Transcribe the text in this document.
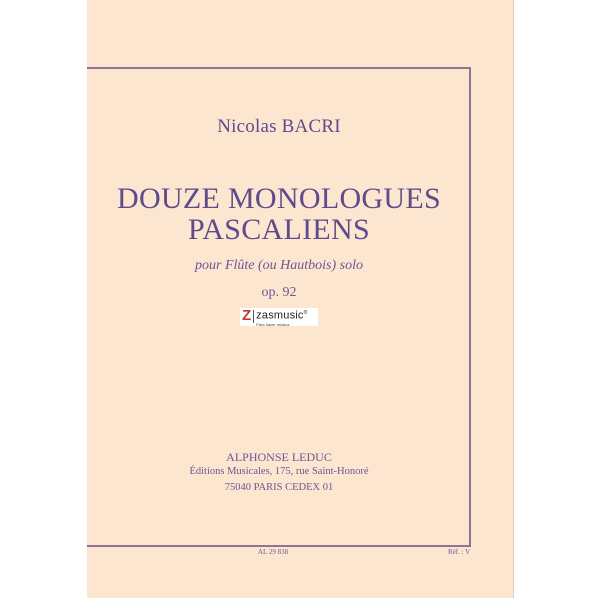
Nicolas BACRI
DOUZE MONOLOGUES
PASCALIENS
pour Flûte (ou Hautbois) solo
op. 92
Z zasmusic®
Para hacer música
ALPHONSE LEDUC
Éditions Musicales, 175, rue Saint-Honoré
75040 PARIS CEDEX 01
AL 29 838	Réf. : V
